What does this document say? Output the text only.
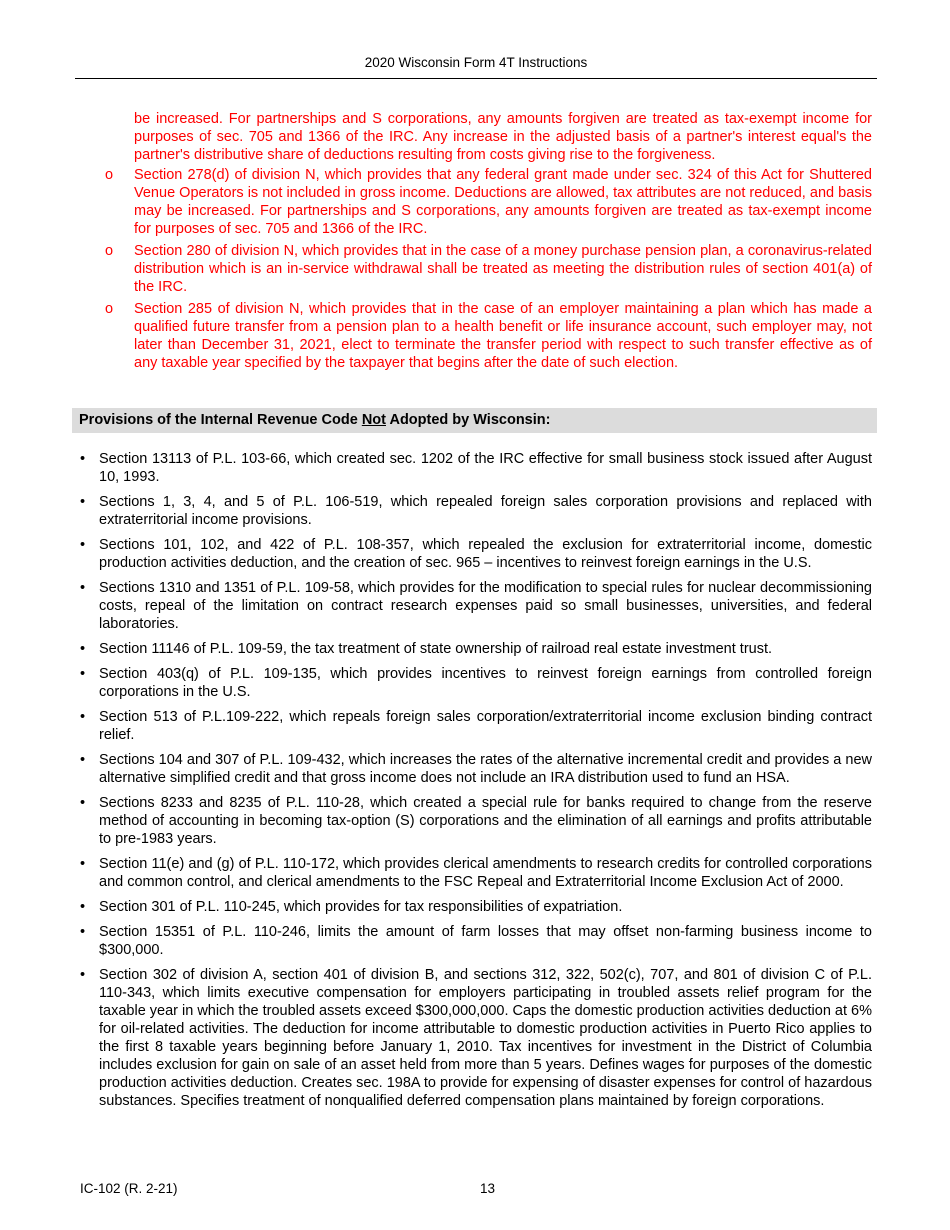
2020 Wisconsin Form 4T Instructions

be increased. For partnerships and S corporations, any amounts forgiven are treated as tax-exempt income for purposes of sec. 705 and 1366 of the IRC. Any increase in the adjusted basis of a partner's interest equal's the partner's distributive share of deductions resulting from costs giving rise to the forgiveness.

o Section 278(d) of division N, which provides that any federal grant made under sec. 324 of this Act for Shuttered Venue Operators is not included in gross income. Deductions are allowed, tax attributes are not reduced, and basis may be increased. For partnerships and S corporations, any amounts forgiven are treated as tax-exempt income for purposes of sec. 705 and 1366 of the IRC.
o Section 280 of division N, which provides that in the case of a money purchase pension plan, a coronavirus-related distribution which is an in-service withdrawal shall be treated as meeting the distribution rules of section 401(a) of the IRC.
o Section 285 of division N, which provides that in the case of an employer maintaining a plan which has made a qualified future transfer from a pension plan to a health benefit or life insurance account, such employer may, not later than December 31, 2021, elect to terminate the transfer period with respect to such transfer effective as of any taxable year specified by the taxpayer that begins after the date of such election.
Provisions of the Internal Revenue Code Not Adopted by Wisconsin:
• Section 13113 of P.L. 103-66, which created sec. 1202 of the IRC effective for small business stock issued after August 10, 1993.
• Sections 1, 3, 4, and 5 of P.L. 106-519, which repealed foreign sales corporation provisions and replaced with extraterritorial income provisions.
• Sections 101, 102, and 422 of P.L. 108-357, which repealed the exclusion for extraterritorial income, domestic production activities deduction, and the creation of sec. 965 – incentives to reinvest foreign earnings in the U.S.
• Sections 1310 and 1351 of P.L. 109-58, which provides for the modification to special rules for nuclear decommissioning costs, repeal of the limitation on contract research expenses paid so small businesses, universities, and federal laboratories.
• Section 11146 of P.L. 109-59, the tax treatment of state ownership of railroad real estate investment trust.
• Section 403(q) of P.L. 109-135, which provides incentives to reinvest foreign earnings from controlled foreign corporations in the U.S.
• Section 513 of P.L.109-222, which repeals foreign sales corporation/extraterritorial income exclusion binding contract relief.
• Sections 104 and 307 of P.L. 109-432, which increases the rates of the alternative incremental credit and provides a new alternative simplified credit and that gross income does not include an IRA distribution used to fund an HSA.
• Sections 8233 and 8235 of P.L. 110-28, which created a special rule for banks required to change from the reserve method of accounting in becoming tax-option (S) corporations and the elimination of all earnings and profits attributable to pre-1983 years.
• Section 11(e) and (g) of P.L. 110-172, which provides clerical amendments to research credits for controlled corporations and common control, and clerical amendments to the FSC Repeal and Extraterritorial Income Exclusion Act of 2000.
• Section 301 of P.L. 110-245, which provides for tax responsibilities of expatriation.
• Section 15351 of P.L. 110-246, limits the amount of farm losses that may offset non-farming business income to $300,000.
• Section 302 of division A, section 401 of division B, and sections 312, 322, 502(c), 707, and 801 of division C of P.L. 110-343, which limits executive compensation for employers participating in troubled assets relief program for the taxable year in which the troubled assets exceed $300,000,000. Caps the domestic production activities deduction at 6% for oil-related activities. The deduction for income attributable to domestic production activities in Puerto Rico applies to the first 8 taxable years beginning before January 1, 2010. Tax incentives for investment in the District of Columbia includes exclusion for gain on sale of an asset held from more than 5 years. Defines wages for purposes of the domestic production activities deduction. Creates sec. 198A to provide for expensing of disaster expenses for control of hazardous substances. Specifies treatment of nonqualified deferred compensation plans maintained by foreign corporations.
IC-102 (R. 2-21)	13
